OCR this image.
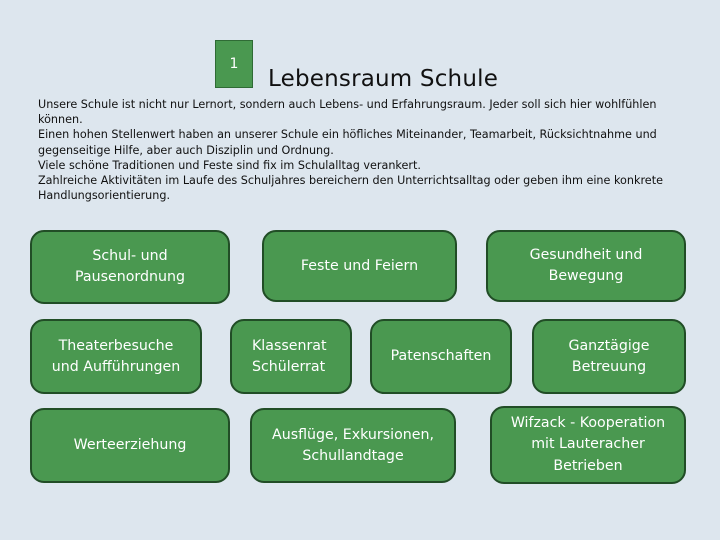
1
Lebensraum Schule

Unsere Schule ist nicht nur Lernort, sondern auch Lebens- und Erfahrungsraum. Jeder soll sich hier wohlfühlen können.

Einen hohen Stellenwert haben an unserer Schule ein höfliches Miteinander, Teamarbeit, Rücksichtnahme und gegenseitige Hilfe, aber auch Disziplin und Ordnung.

Viele schöne Traditionen und Feste sind fix im Schulalltag verankert.

Zahlreiche Aktivitäten im Laufe des Schuljahres bereichern den Unterrichtsalltag oder geben ihm eine konkrete Handlungsorientierung.

Schul- und
Pausenordnung
Feste und Feiern
Gesundheit und
Bewegung
Theaterbesuche
und Aufführungen
Klassenrat
Schülerrat
Patenschaften
Ganztägige
Betreuung
Werteerziehung
Ausflüge, Exkursionen,
Schullandtage
Wifzack - Kooperation
mit Lauteracher
Betrieben
